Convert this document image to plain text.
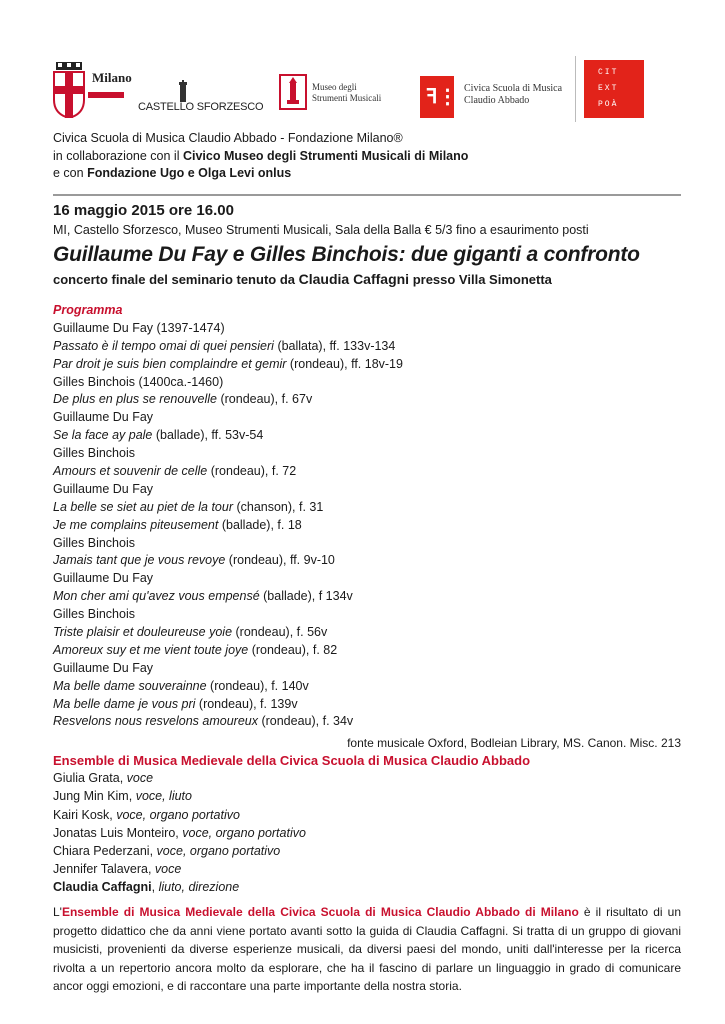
Milano
CASTELLO SFORZESCO
Museo degli
Strumenti Musicali ꟻ⋮ Civica Scuola di Musica
Claudio Abbado
CIT
EXT
POÀ
Civica Scuola di Musica Claudio Abbado - Fondazione Milano®
in collaborazione con il Civico Museo degli Strumenti Musicali di Milano
e con Fondazione Ugo e Olga Levi onlus
16 maggio 2015 ore 16.00
MI, Castello Sforzesco, Museo Strumenti Musicali, Sala della Balla € 5/3 fino a esaurimento posti
Guillaume Du Fay e Gilles Binchois: due giganti a confronto
concerto finale del seminario tenuto da Claudia Caffagni presso Villa Simonetta

Programma

Guillaume Du Fay (1397-1474)

Passato è il tempo omai di quei pensieri (ballata), ff. 133v-134

Par droit je suis bien complaindre et gemir (rondeau), ff. 18v-19

Gilles Binchois (1400ca.-1460)

De plus en plus se renouvelle (rondeau), f. 67v

Guillaume Du Fay

Se la face ay pale (ballade), ff. 53v-54

Gilles Binchois

Amours et souvenir de celle (rondeau), f. 72

Guillaume Du Fay

La belle se siet au piet de la tour (chanson), f. 31

Je me complains piteusement (ballade), f. 18

Gilles Binchois

Jamais tant que je vous revoye (rondeau), ff. 9v-10

Guillaume Du Fay

Mon cher ami qu'avez vous empensé (ballade), f 134v

Gilles Binchois

Triste plaisir et douleureuse yoie (rondeau), f. 56v

Amoreux suy et me vient toute joye (rondeau), f. 82

Guillaume Du Fay

Ma belle dame souverainne (rondeau), f. 140v

Ma belle dame je vous pri (rondeau), f. 139v

Resvelons nous resvelons amoureux (rondeau), f. 34v

fonte musicale Oxford, Bodleian Library, MS. Canon. Misc. 213

Ensemble di Musica Medievale della Civica Scuola di Musica Claudio Abbado

Giulia Grata, voce

Jung Min Kim, voce, liuto

Kairi Kosk, voce, organo portativo

Jonatas Luis Monteiro, voce, organo portativo

Chiara Pederzani, voce, organo portativo

Jennifer Talavera, voce

Claudia Caffagni, liuto, direzione

L'Ensemble di Musica Medievale della Civica Scuola di Musica Claudio Abbado di Milano è il risultato di un progetto didattico che da anni viene portato avanti sotto la guida di Claudia Caffagni. Si tratta di un gruppo di giovani musicisti, provenienti da diverse esperienze musicali, da diversi paesi del mondo, uniti dall'interesse per la ricerca rivolta a un repertorio ancora molto da esplorare, che ha il fascino di parlare un linguaggio in grado di comunicare ancor oggi emozioni, e di raccontare una parte importante della nostra storia.
